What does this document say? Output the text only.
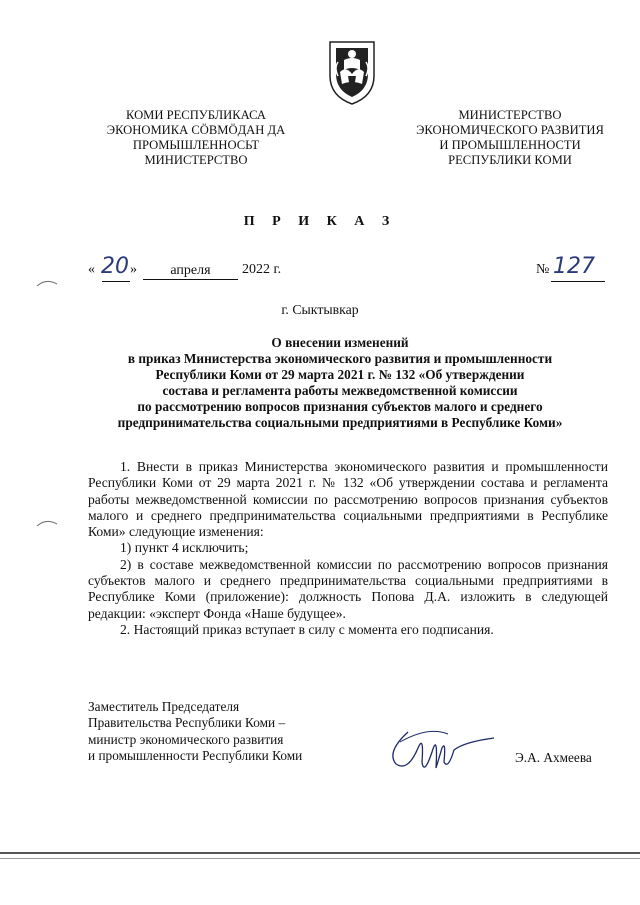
КОМИ РЕСПУБЛИКАСА
ЭКОНОМИКА СӦВМӦДАН ДА
ПРОМЫШЛЕННОСЬТ
МИНИСТЕРСТВО
МИНИСТЕРСТВО
ЭКОНОМИЧЕСКОГО РАЗВИТИЯ
И ПРОМЫШЛЕННОСТИ
РЕСПУБЛИКИ КОМИ
П Р И К А З
« 20 »	апреля	2022 г.	№ 127
г. Сыктывкар
О внесении изменений
в приказ Министерства экономического развития и промышленности
Республики Коми от 29 марта 2021 г. № 132 «Об утверждении
состава и регламента работы межведомственной комиссии
по рассмотрению вопросов признания субъектов малого и среднего
предпринимательства социальными предприятиями в Республике Коми»

1. Внести в приказ Министерства экономического развития и промышленности Республики Коми от 29 марта 2021 г. № 132 «Об утверждении состава и регламента работы межведомственной комиссии по рассмотрению вопросов признания субъектов малого и среднего предпринимательства социальными предприятиями в Республике Коми» следующие изменения:

1) пункт 4 исключить;

2) в составе межведомственной комиссии по рассмотрению вопросов признания субъектов малого и среднего предпринимательства социальными предприятиями в Республике Коми (приложение): должность Попова Д.А. изложить в следующей редакции: «эксперт Фонда «Наше будущее».

2. Настоящий приказ вступает в силу с момента его подписания.

Заместитель Председателя
Правительства Республики Коми –
министр экономического развития
и промышленности Республики Коми	Э.А. Ахмеева
